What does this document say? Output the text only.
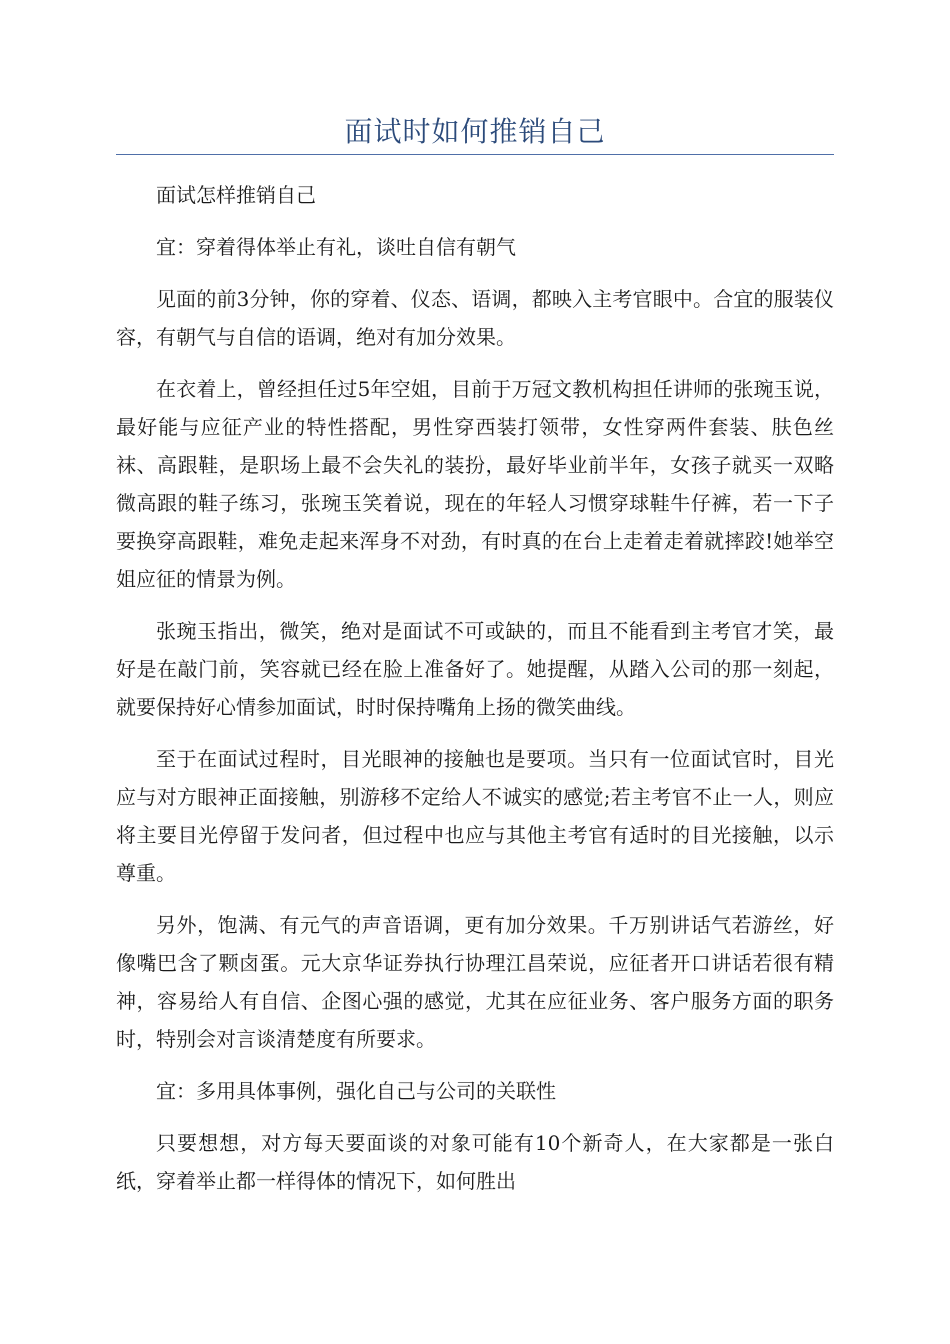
面试时如何推销自己

面试怎样推销自己

宜：穿着得体举止有礼，谈吐自信有朝气

见面的前3分钟，你的穿着、仪态、语调，都映入主考官眼中。合宜的服装仪容，有朝气与自信的语调，绝对有加分效果。

在衣着上，曾经担任过5年空姐，目前于万冠文教机构担任讲师的张琬玉说，最好能与应征产业的特性搭配，男性穿西装打领带，女性穿两件套装、肤色丝袜、高跟鞋，是职场上最不会失礼的装扮，最好毕业前半年，女孩子就买一双略微高跟的鞋子练习，张琬玉笑着说，现在的年轻人习惯穿球鞋牛仔裤，若一下子要换穿高跟鞋，难免走起来浑身不对劲，有时真的在台上走着走着就摔跤!她举空姐应征的情景为例。

张琬玉指出，微笑，绝对是面试不可或缺的，而且不能看到主考官才笑，最好是在敲门前，笑容就已经在脸上准备好了。她提醒，从踏入公司的那一刻起，就要保持好心情参加面试，时时保持嘴角上扬的微笑曲线。

至于在面试过程时，目光眼神的接触也是要项。当只有一位面试官时，目光应与对方眼神正面接触，别游移不定给人不诚实的感觉;若主考官不止一人，则应将主要目光停留于发问者，但过程中也应与其他主考官有适时的目光接触，以示尊重。

另外，饱满、有元气的声音语调，更有加分效果。千万别讲话气若游丝，好像嘴巴含了颗卤蛋。元大京华证券执行协理江昌荣说，应征者开口讲话若很有精神，容易给人有自信、企图心强的感觉，尤其在应征业务、客户服务方面的职务时，特别会对言谈清楚度有所要求。

宜：多用具体事例，强化自己与公司的关联性

只要想想，对方每天要面谈的对象可能有10个新奇人，在大家都是一张白纸，穿着举止都一样得体的情况下，如何胜出
